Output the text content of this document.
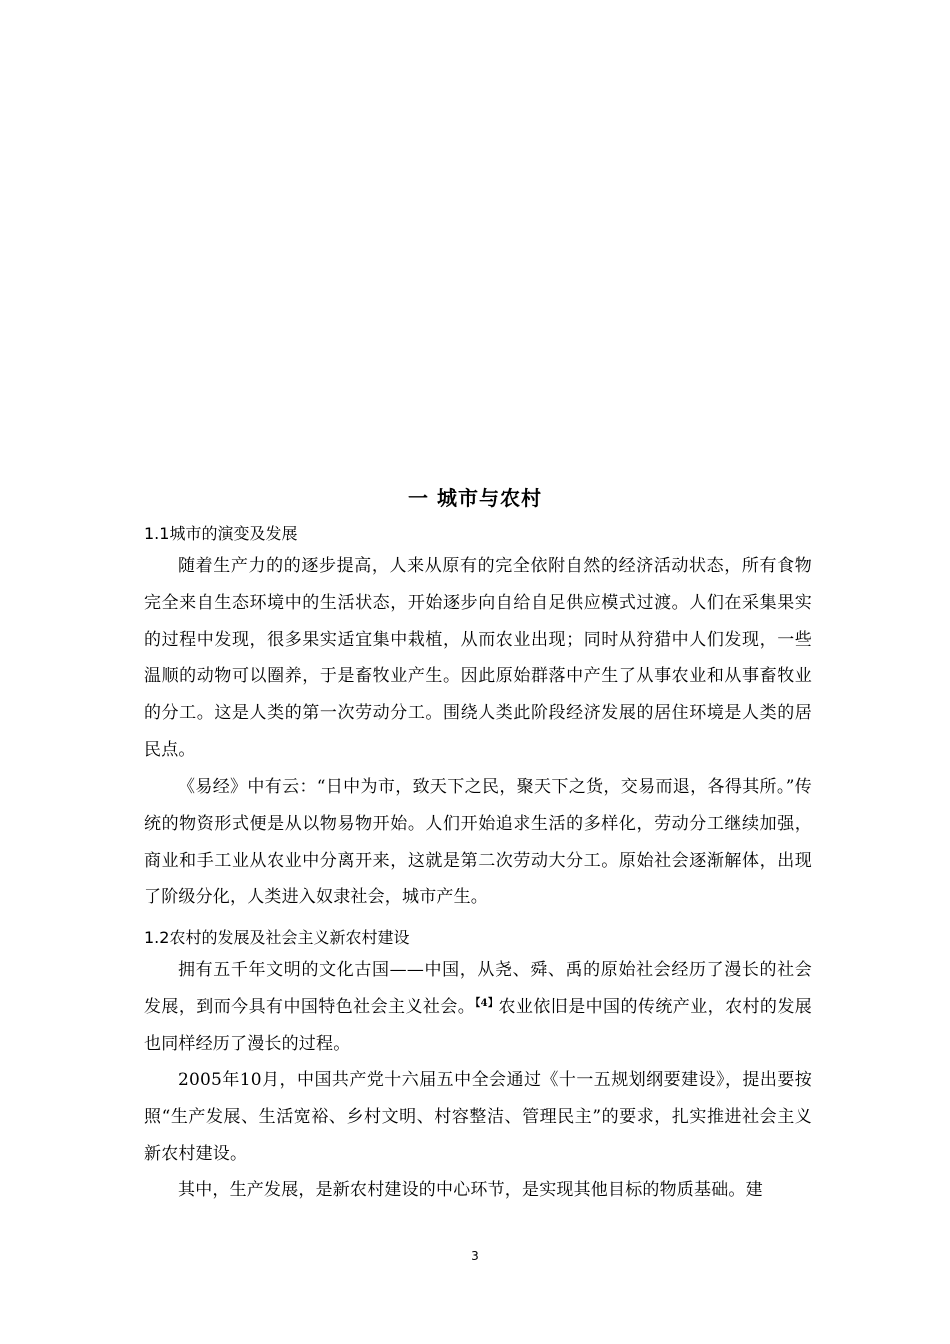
一 城市与农村
1.1城市的演变及发展

随着生产力的的逐步提高，人来从原有的完全依附自然的经济活动状态，所有食物完全来自生态环境中的生活状态，开始逐步向自给自足供应模式过渡。人们在采集果实的过程中发现，很多果实适宜集中栽植，从而农业出现；同时从狩猎中人们发现，一些温顺的动物可以圈养，于是畜牧业产生。因此原始群落中产生了从事农业和从事畜牧业的分工。这是人类的第一次劳动分工。围绕人类此阶段经济发展的居住环境是人类的居民点。

《易经》中有云：“日中为市，致天下之民，聚天下之货，交易而退，各得其所。”传统的物资形式便是从以物易物开始。人们开始追求生活的多样化，劳动分工继续加强，商业和手工业从农业中分离开来，这就是第二次劳动大分工。原始社会逐渐解体，出现了阶级分化，人类进入奴隶社会，城市产生。

1.2农村的发展及社会主义新农村建设

拥有五千年文明的文化古国——中国，从尧、舜、禹的原始社会经历了漫长的社会发展，到而今具有中国特色社会主义社会。$^{【4】}$农业依旧是中国的传统产业，农村的发展也同样经历了漫长的过程。

2005年10月，中国共产党十六届五中全会通过《十一五规划纲要建设》，提出要按照“生产发展、生活宽裕、乡村文明、村容整洁、管理民主”的要求，扎实推进社会主义新农村建设。

其中，生产发展，是新农村建设的中心环节，是实现其他目标的物质基础。建

3
